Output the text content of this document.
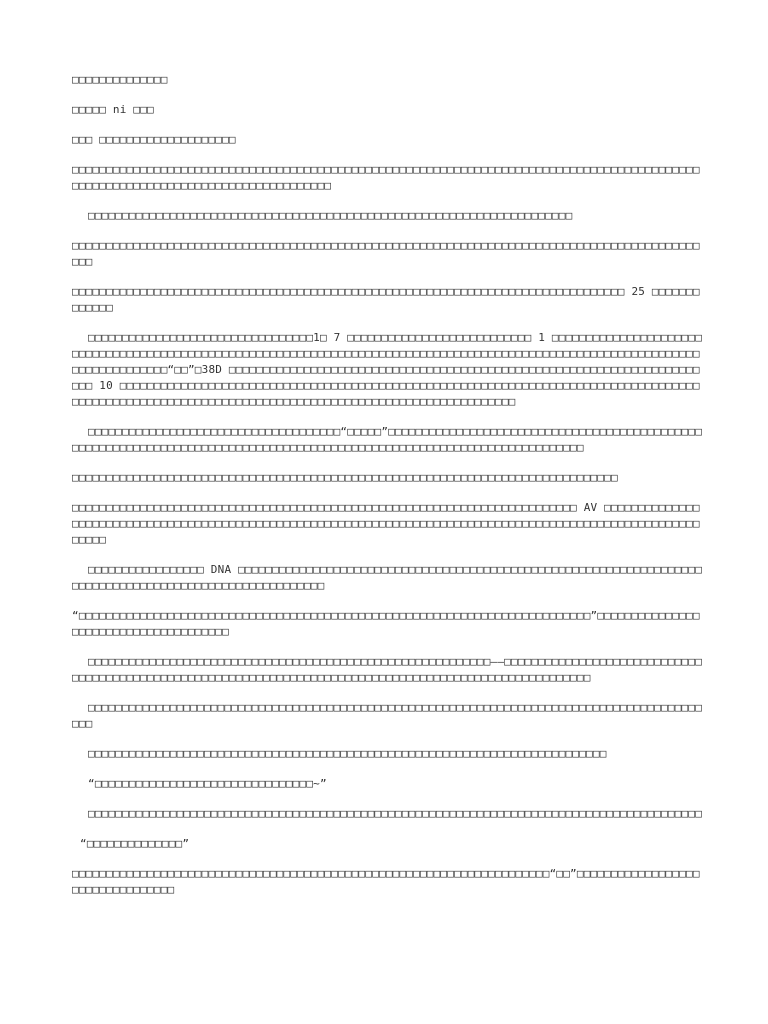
□□□□□□□□□□□□□□

□□□□□ ni □□□

□□□ □□□□□□□□□□□□□□□□□□□□

□□□□□□□□□□□□□□□□□□□□□□□□□□□□□□□□□□□□□□□□□□□□□□□□□□□□□□□□□□□□□□□□□□□□□□□□□□□□□□□□□□□□□□□□□□□□□□□□□□□□□□□□□□□□□□□□□□□□□□□□□□□□□□□□□□

□□□□□□□□□□□□□□□□□□□□□□□□□□□□□□□□□□□□□□□□□□□□□□□□□□□□□□□□□□□□□□□□□□□□□□□

□□□□□□□□□□□□□□□□□□□□□□□□□□□□□□□□□□□□□□□□□□□□□□□□□□□□□□□□□□□□□□□□□□□□□□□□□□□□□□□□□□□□□□□□□□□□□□□

□□□□□□□□□□□□□□□□□□□□□□□□□□□□□□□□□□□□□□□□□□□□□□□□□□□□□□□□□□□□□□□□□□□□□□□□□□□□□□□□□ 25 □□□□□□□□□□□□□

□□□□□□□□□□□□□□□□□□□□□□□□□□□□□□□□□1□ 7 □□□□□□□□□□□□□□□□□□□□□□□□□□□ 1 □□□□□□□□□□□□□□□□□□□□□□□□□□□□□□□□□□□□□□□□□□□□□□□□□□□□□□□□□□□□□□□□□□□□□□□□□□□□□□□□□□□□□□□□□□□□□□□□□□□□□□□□□□□□□□□□□□□□□□□□□□□□□□□□“□□”□38D □□□□□□□□□□□□□□□□□□□□□□□□□□□□□□□□□□□□□□□□□□□□□□□□□□□□□□□□□□□□□□□□□□□□□□□□ 10 □□□□□□□□□□□□□□□□□□□□□□□□□□□□□□□□□□□□□□□□□□□□□□□□□□□□□□□□□□□□□□□□□□□□□□□□□□□□□□□□□□□□□□□□□□□□□□□□□□□□□□□□□□□□□□□□□□□□□□□□□□□□□□□□□□□□□□□□□□□□□□□□□□□□□□

□□□□□□□□□□□□□□□□□□□□□□□□□□□□□□□□□□□□□“□□□□□”□□□□□□□□□□□□□□□□□□□□□□□□□□□□□□□□□□□□□□□□□□□□□□□□□□□□□□□□□□□□□□□□□□□□□□□□□□□□□□□□□□□□□□□□□□□□□□□□□□□□□□□□□□□□□□□□□□□□□□□□□

□□□□□□□□□□□□□□□□□□□□□□□□□□□□□□□□□□□□□□□□□□□□□□□□□□□□□□□□□□□□□□□□□□□□□□□□□□□□□□□□

□□□□□□□□□□□□□□□□□□□□□□□□□□□□□□□□□□□□□□□□□□□□□□□□□□□□□□□□□□□□□□□□□□□□□□□□□□ AV □□□□□□□□□□□□□□□□□□□□□□□□□□□□□□□□□□□□□□□□□□□□□□□□□□□□□□□□□□□□□□□□□□□□□□□□□□□□□□□□□□□□□□□□□□□□□□□□□□□□□□□□□□□□□□□

□□□□□□□□□□□□□□□□□ DNA □□□□□□□□□□□□□□□□□□□□□□□□□□□□□□□□□□□□□□□□□□□□□□□□□□□□□□□□□□□□□□□□□□□□□□□□□□□□□□□□□□□□□□□□□□□□□□□□□□□□□□□□□

“□□□□□□□□□□□□□□□□□□□□□□□□□□□□□□□□□□□□□□□□□□□□□□□□□□□□□□□□□□□□□□□□□□□□□□□□□□□”□□□□□□□□□□□□□□□□□□□□□□□□□□□□□□□□□□□□□□

□□□□□□□□□□□□□□□□□□□□□□□□□□□□□□□□□□□□□□□□□□□□□□□□□□□□□□□□□□□——□□□□□□□□□□□□□□□□□□□□□□□□□□□□□□□□□□□□□□□□□□□□□□□□□□□□□□□□□□□□□□□□□□□□□□□□□□□□□□□□□□□□□□□□□□□□□□□□□□□□□□□□□

□□□□□□□□□□□□□□□□□□□□□□□□□□□□□□□□□□□□□□□□□□□□□□□□□□□□□□□□□□□□□□□□□□□□□□□□□□□□□□□□□□□□□□□□□□□□□

□□□□□□□□□□□□□□□□□□□□□□□□□□□□□□□□□□□□□□□□□□□□□□□□□□□□□□□□□□□□□□□□□□□□□□□□□□□□

“□□□□□□□□□□□□□□□□□□□□□□□□□□□□□□□□~”

□□□□□□□□□□□□□□□□□□□□□□□□□□□□□□□□□□□□□□□□□□□□□□□□□□□□□□□□□□□□□□□□□□□□□□□□□□□□□□□□□□□□□□□□□□

“□□□□□□□□□□□□□□”

□□□□□□□□□□□□□□□□□□□□□□□□□□□□□□□□□□□□□□□□□□□□□□□□□□□□□□□□□□□□□□□□□□□□□□“□□”□□□□□□□□□□□□□□□□□□□□□□□□□□□□□□□□□
